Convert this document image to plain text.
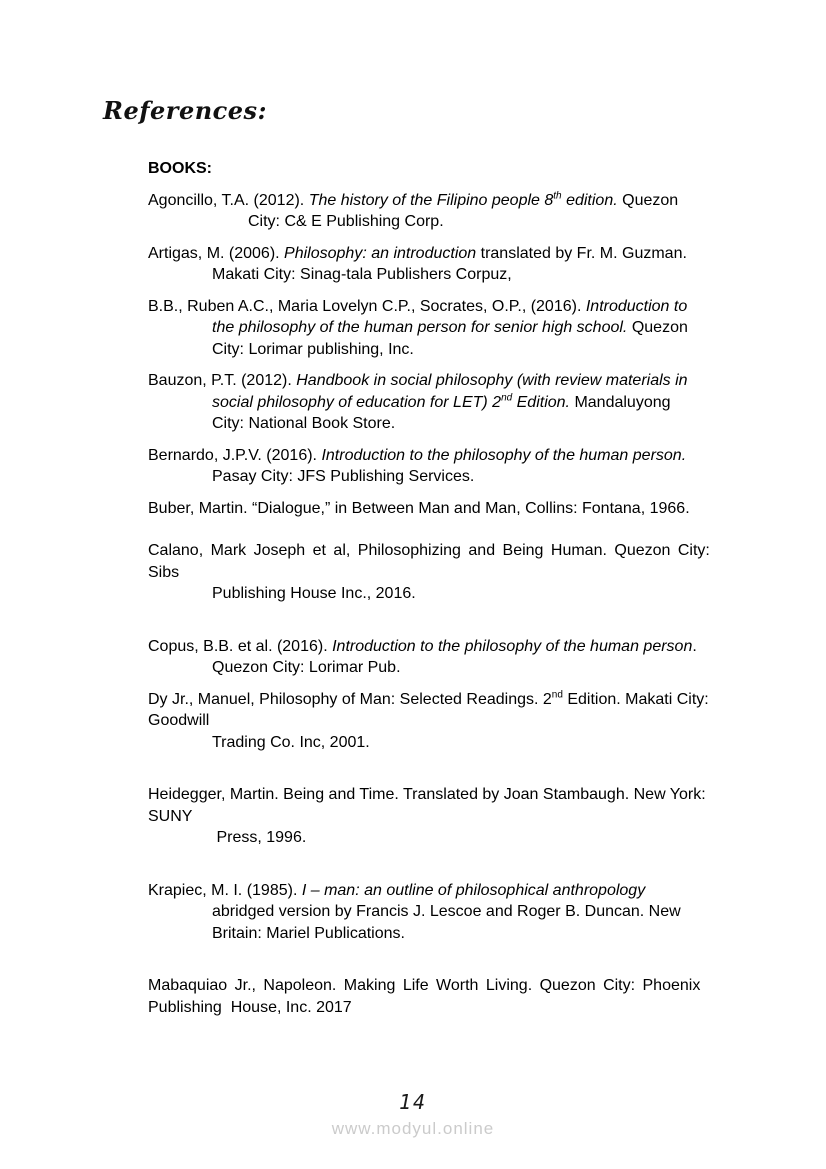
References:
BOOKS:
Agoncillo, T.A. (2012). The history of the Filipino people 8th edition. Quezon
City: C& E Publishing Corp.
Artigas, M. (2006). Philosophy: an introduction translated by Fr. M. Guzman.
Makati City: Sinag-tala Publishers Corpuz,
B.B., Ruben A.C., Maria Lovelyn C.P., Socrates, O.P., (2016). Introduction to
the philosophy of the human person for senior high school. Quezon
City: Lorimar publishing, Inc.
Bauzon, P.T. (2012). Handbook in social philosophy (with review materials in
social philosophy of education for LET) 2nd Edition. Mandaluyong
City: National Book Store.
Bernardo, J.P.V. (2016). Introduction to the philosophy of the human person.
Pasay City: JFS Publishing Services.
Buber, Martin. “Dialogue,” in Between Man and Man, Collins: Fontana, 1966.
Calano, Mark Joseph et al, Philosophizing and Being Human. Quezon City:
Sibs
Publishing House Inc., 2016.
Copus, B.B. et al. (2016). Introduction to the philosophy of the human person.
Quezon City: Lorimar Pub.
Dy Jr., Manuel, Philosophy of Man: Selected Readings. 2nd Edition. Makati City:
Goodwill
Trading Co. Inc, 2001.
Heidegger, Martin. Being and Time. Translated by Joan Stambaugh. New York:
SUNY
Press, 1996.
Krapiec, M. I. (1985). I – man: an outline of philosophical anthropology
abridged version by Francis J. Lescoe and Roger B. Duncan. New
Britain: Mariel Publications.
Mabaquiao Jr., Napoleon. Making Life Worth Living. Quezon City: Phoenix
Publishing  House, Inc. 2017
14
www.modyul.online
